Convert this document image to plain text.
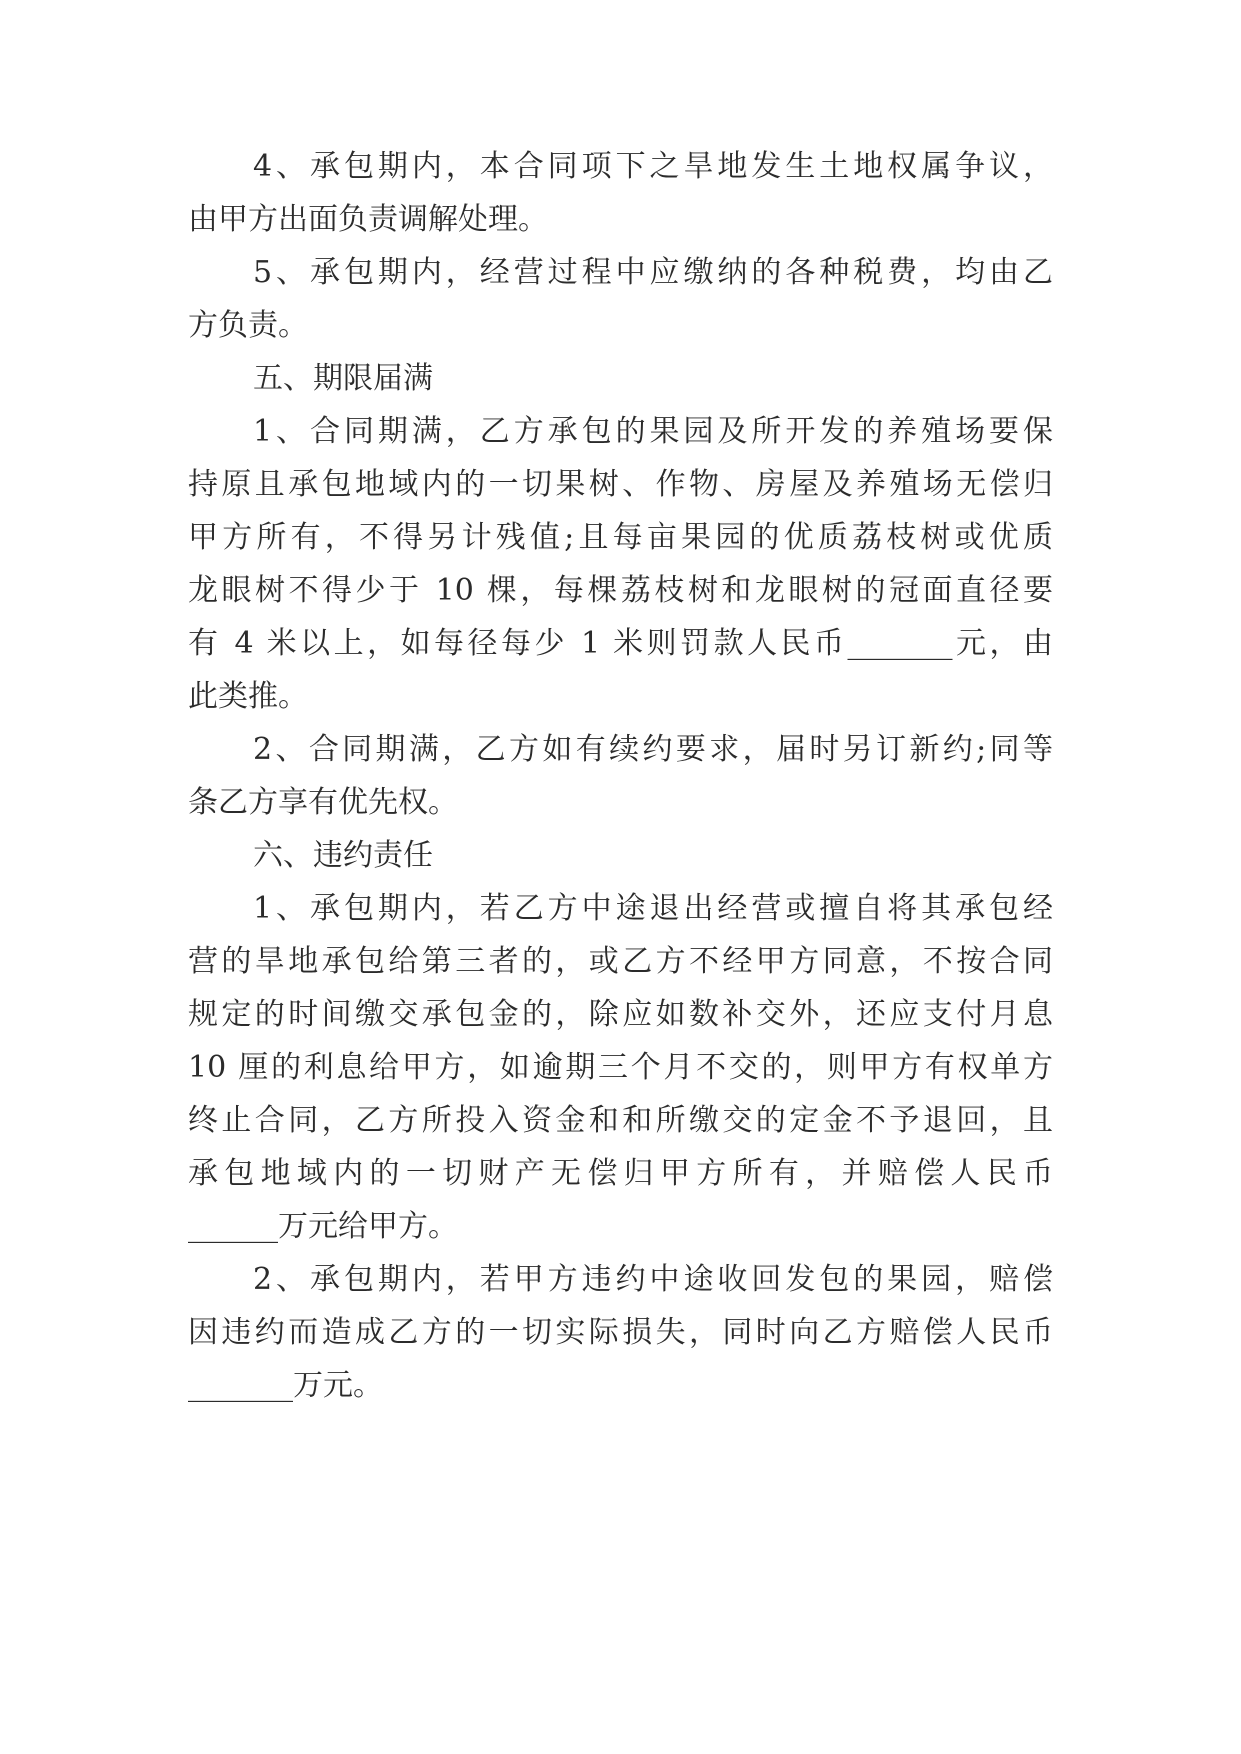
4、承包期内，本合同项下之旱地发生土地权属争议，
由甲方出面负责调解处理。
5、承包期内，经营过程中应缴纳的各种税费，均由乙
方负责。
五、期限届满
1、合同期满，乙方承包的果园及所开发的养殖场要保
持原且承包地域内的一切果树、作物、房屋及养殖场无偿归
甲方所有，不得另计残值;且每亩果园的优质荔枝树或优质
龙眼树不得少于 10 棵，每棵荔枝树和龙眼树的冠面直径要
有 4 米以上，如每径每少 1 米则罚款人民币_______元，由
此类推。
2、合同期满，乙方如有续约要求，届时另订新约;同等
条乙方享有优先权。
六、违约责任
1、承包期内，若乙方中途退出经营或擅自将其承包经
营的旱地承包给第三者的，或乙方不经甲方同意，不按合同
规定的时间缴交承包金的，除应如数补交外，还应支付月息
10 厘的利息给甲方，如逾期三个月不交的，则甲方有权单方
终止合同，乙方所投入资金和和所缴交的定金不予退回，且
承包地域内的一切财产无偿归甲方所有，并赔偿人民币
______万元给甲方。
2、承包期内，若甲方违约中途收回发包的果园，赔偿
因违约而造成乙方的一切实际损失，同时向乙方赔偿人民币
_______万元。
